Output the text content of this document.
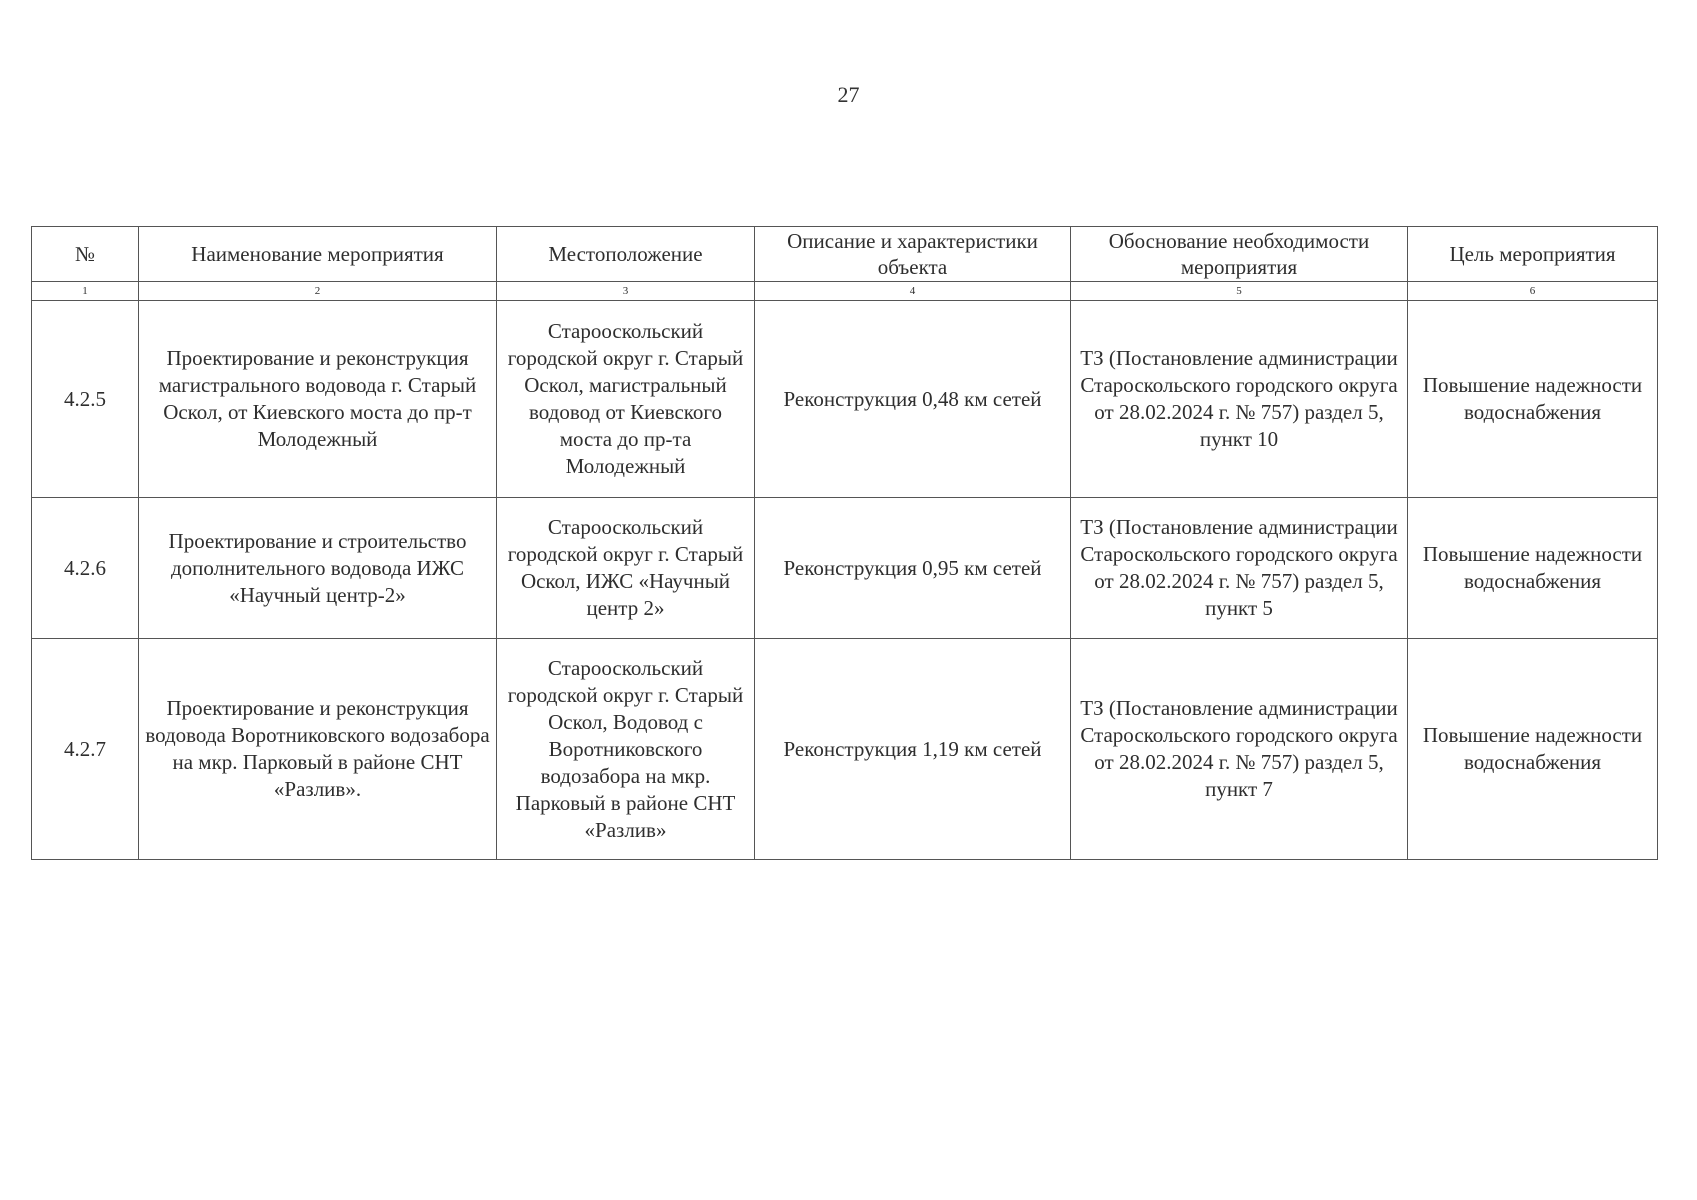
27
№	Наименование мероприятия	Местоположение	Описание и характеристики объекта	Обоснование необходимости мероприятия	Цель мероприятия
1	2	3	4	5	6
4.2.5	Проектирование и реконструкция магистрального водовода г. Старый Оскол, от Киевского моста до пр-т Молодежный	Старооскольский городской округ г. Старый Оскол, магистральный водовод от Киевского моста до пр-та Молодежный	Реконструкция 0,48 км сетей	ТЗ (Постановление администрации Староскольского городского округа от 28.02.2024 г. № 757) раздел 5, пункт 10	Повышение надежности водоснабжения
4.2.6	Проектирование и строительство дополнительного водовода ИЖС «Научный центр-2»	Старооскольский городской округ г. Старый Оскол, ИЖС «Научный центр 2»	Реконструкция 0,95 км сетей	ТЗ (Постановление администрации Староскольского городского округа от 28.02.2024 г. № 757) раздел 5, пункт 5	Повышение надежности водоснабжения
4.2.7	Проектирование и реконструкция водовода Воротниковского водозабора на мкр. Парковый в районе СНТ «Разлив».	Старооскольский городской округ г. Старый Оскол, Водовод с Воротниковского водозабора на мкр. Парковый в районе СНТ «Разлив»	Реконструкция 1,19 км сетей	ТЗ (Постановление администрации Староскольского городского округа от 28.02.2024 г. № 757) раздел 5, пункт 7	Повышение надежности водоснабжения
